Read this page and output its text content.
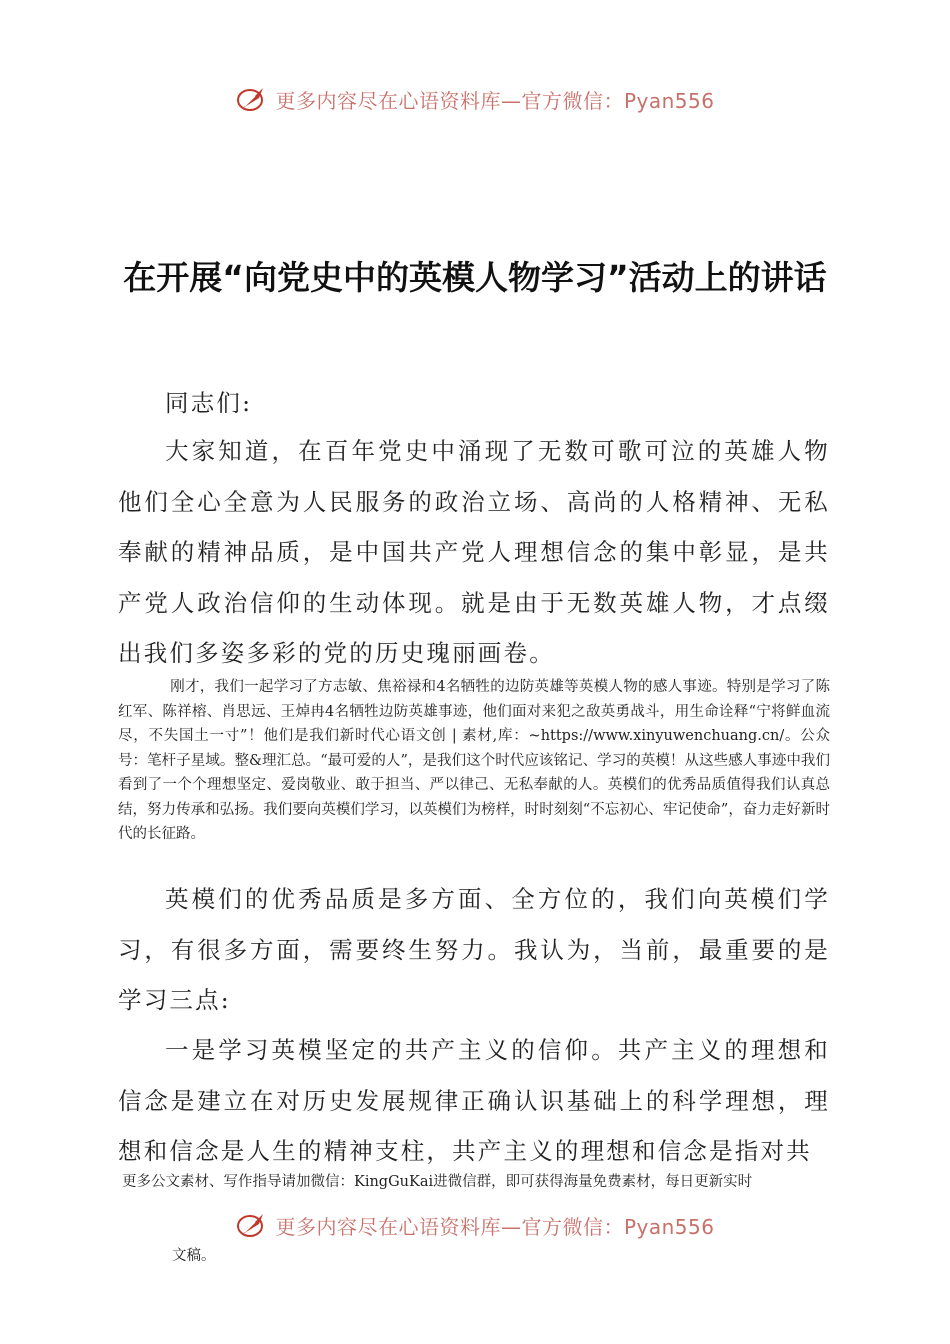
更多内容尽在心语资料库—官方微信：Pyan556
在开展“向党史中的英模人物学习”活动上的讲话

同志们:

大家知道，在百年党史中涌现了无数可歌可泣的英雄人物他们全心全意为人民服务的政治立场、高尚的人格精神、无私奉献的精神品质，是中国共产党人理想信念的集中彰显，是共产党人政治信仰的生动体现。就是由于无数英雄人物，才点缀出我们多姿多彩的党的历史瑰丽画卷。

刚才，我们一起学习了方志敏、焦裕禄和4名牺牲的边防英雄等英模人物的感人事迹。特别是学习了陈红军、陈祥榕、肖思远、王焯冉4名牺牲边防英雄事迹，他们面对来犯之敌英勇战斗，用生命诠释“宁将鲜血流尽，不失国土一寸”！他们是我们新时代心语文创 | 素材,库：~https://www.xinyuwenchuang.cn/。公众号：笔杆子星域。整&理汇总。“最可爱的人”，是我们这个时代应该铭记、学习的英模！从这些感人事迹中我们看到了一个个理想坚定、爱岗敬业、敢于担当、严以律己、无私奉献的人。英模们的优秀品质值得我们认真总结，努力传承和弘扬。我们要向英模们学习，以英模们为榜样，时时刻刻“不忘初心、牢记使命”，奋力走好新时代的长征路。

英模们的优秀品质是多方面、全方位的，我们向英模们学习，有很多方面，需要终生努力。我认为，当前，最重要的是学习三点:

一是学习英模坚定的共产主义的信仰。共产主义的理想和信念是建立在对历史发展规律正确认识基础上的科学理想，理想和信念是人生的精神支柱，共产主义的理想和信念是指对共

更多公文素材、写作指导请加微信：KingGuKai进微信群，即可获得海量免费素材，每日更新实时

更多内容尽在心语资料库—官方微信：Pyan556

文稿。
